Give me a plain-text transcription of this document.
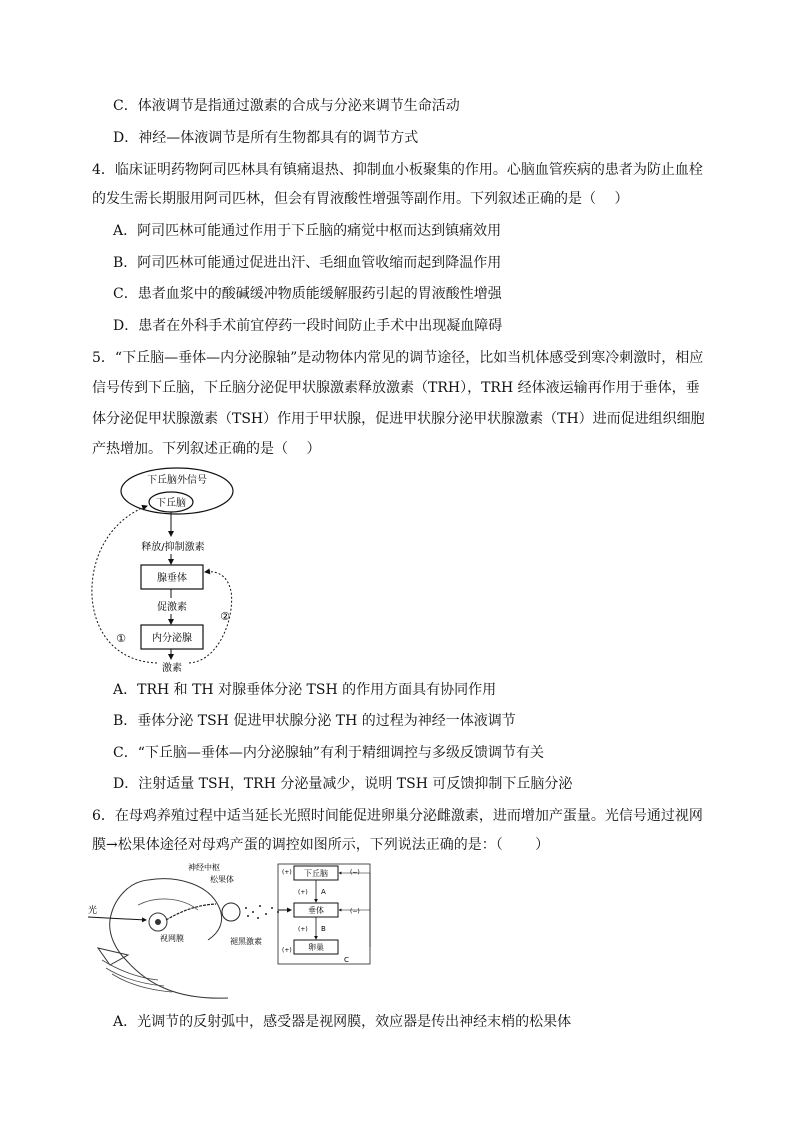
C．体液调节是指通过激素的合成与分泌来调节生命活动
D．神经—体液调节是所有生物都具有的调节方式
4．临床证明药物阿司匹林具有镇痛退热、抑制血小板聚集的作用。心脑血管疾病的患者为防止血栓
的发生需长期服用阿司匹林，但会有胃液酸性增强等副作用。下列叙述正确的是（　 ）
A．阿司匹林可能通过作用于下丘脑的痛觉中枢而达到镇痛效用
B．阿司匹林可能通过促进出汗、毛细血管收缩而起到降温作用
C．患者血浆中的酸碱缓冲物质能缓解服药引起的胃液酸性增强
D．患者在外科手术前宜停药一段时间防止手术中出现凝血障碍
5．“下丘脑—垂体—内分泌腺轴”是动物体内常见的调节途径，比如当机体感受到寒冷刺激时，相应
信号传到下丘脑，下丘脑分泌促甲状腺激素释放激素（TRH），TRH 经体液运输再作用于垂体，垂
体分泌促甲状腺激素（TSH）作用于甲状腺，促进甲状腺分泌甲状腺激素（TH）进而促进组织细胞
产热增加。下列叙述正确的是（　 ）
下丘脑外信号
下丘脑
释放/抑制激素
腺垂体
促激素
内分泌腺
激素
①
②
A．TRH 和 TH 对腺垂体分泌 TSH 的作用方面具有协同作用
B．垂体分泌 TSH 促进甲状腺分泌 TH 的过程为神经一体液调节
C．“下丘脑—垂体—内分泌腺轴”有利于精细调控与多级反馈调节有关
D．注射适量 TSH，TRH 分泌量减少，说明 TSH 可反馈抑制下丘脑分泌
6．在母鸡养殖过程中适当延长光照时间能促进卵巢分泌雌激素，进而增加产蛋量。光信号通过视网
膜→松果体途径对母鸡产蛋的调控如图所示，下列说法正确的是：（　 　）
光
神经中枢
松果体
视网膜	褪黑激素
下丘脑
垂体
卵巢
A
B
(+)
(+)
(+)
(+)
(−)
(−)
C
A．光调节的反射弧中，感受器是视网膜，效应器是传出神经末梢的松果体
